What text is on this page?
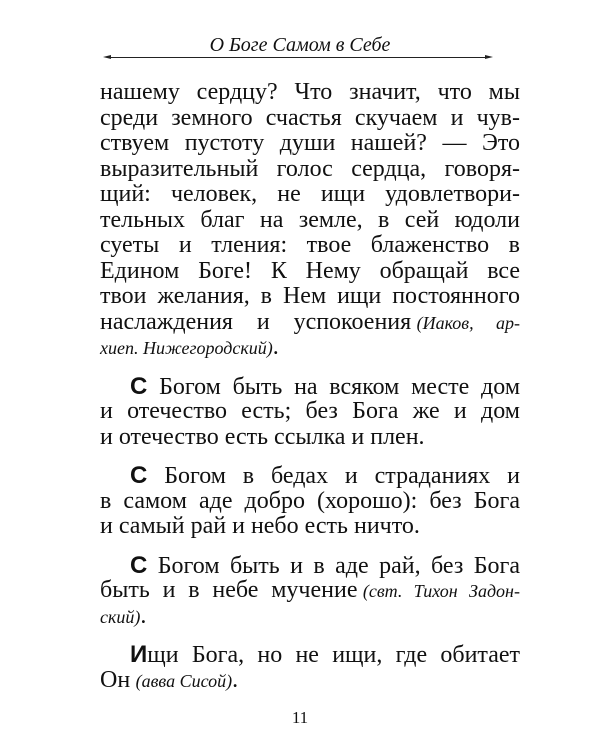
О Боге Самом в Себе
нашему сердцу? Что значит, что мы
среди земного счастья скучаем и чув-
ствуем пустоту души нашей? — Это
выразительный голос сердца, говоря-
щий: человек, не ищи удовлетвори-
тельных благ на земле, в сей юдоли
суеты и тления: твое блаженство в
Едином Боге! К Нему обращай все
твои желания, в Нем ищи постоянного
наслаждения и успокоения (Иаков, ар-
хиеп. Нижегородский).
С Богом быть на всяком месте дом
и отечество есть; без Бога же и дом
и отечество есть ссылка и плен.
С Богом в бедах и страданиях и
в самом аде добро (хорошо): без Бога
и самый рай и небо есть ничто.
С Богом быть и в аде рай, без Бога
быть и в небе мучение (свт. Тихон Задон-
ский).
Ищи Бога, но не ищи, где обитает
Он (авва Сисой).
11
